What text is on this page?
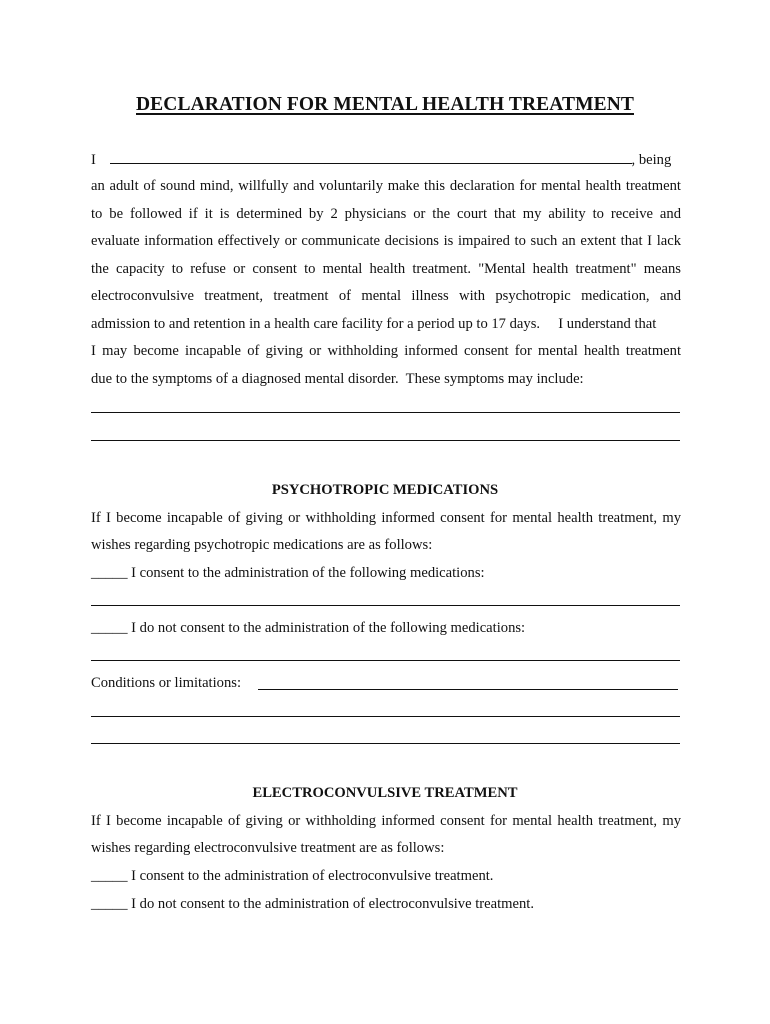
DECLARATION FOR MENTAL HEALTH TREATMENT
I	, being
an adult of sound mind, willfully and voluntarily make this declaration for mental health treatment
to be followed if it is determined by 2 physicians or the court that my ability to receive and
evaluate information effectively or communicate decisions is impaired to such an extent that I lack
the capacity to refuse or consent to mental health treatment. "Mental health treatment" means
electroconvulsive treatment, treatment of mental illness with psychotropic medication, and
admission to and retention in a health care facility for a period up to 17 days.     I understand that
I may become incapable of giving or withholding informed consent for mental health treatment
due to the symptoms of a diagnosed mental disorder.  These symptoms may include:
PSYCHOTROPIC MEDICATIONS
If I become incapable of giving or withholding informed consent for mental health treatment, my
wishes regarding psychotropic medications are as follows:
_____ I consent to the administration of the following medications:
_____ I do not consent to the administration of the following medications:
Conditions or limitations:
ELECTROCONVULSIVE TREATMENT
If I become incapable of giving or withholding informed consent for mental health treatment, my
wishes regarding electroconvulsive treatment are as follows:
_____ I consent to the administration of electroconvulsive treatment.
_____ I do not consent to the administration of electroconvulsive treatment.
